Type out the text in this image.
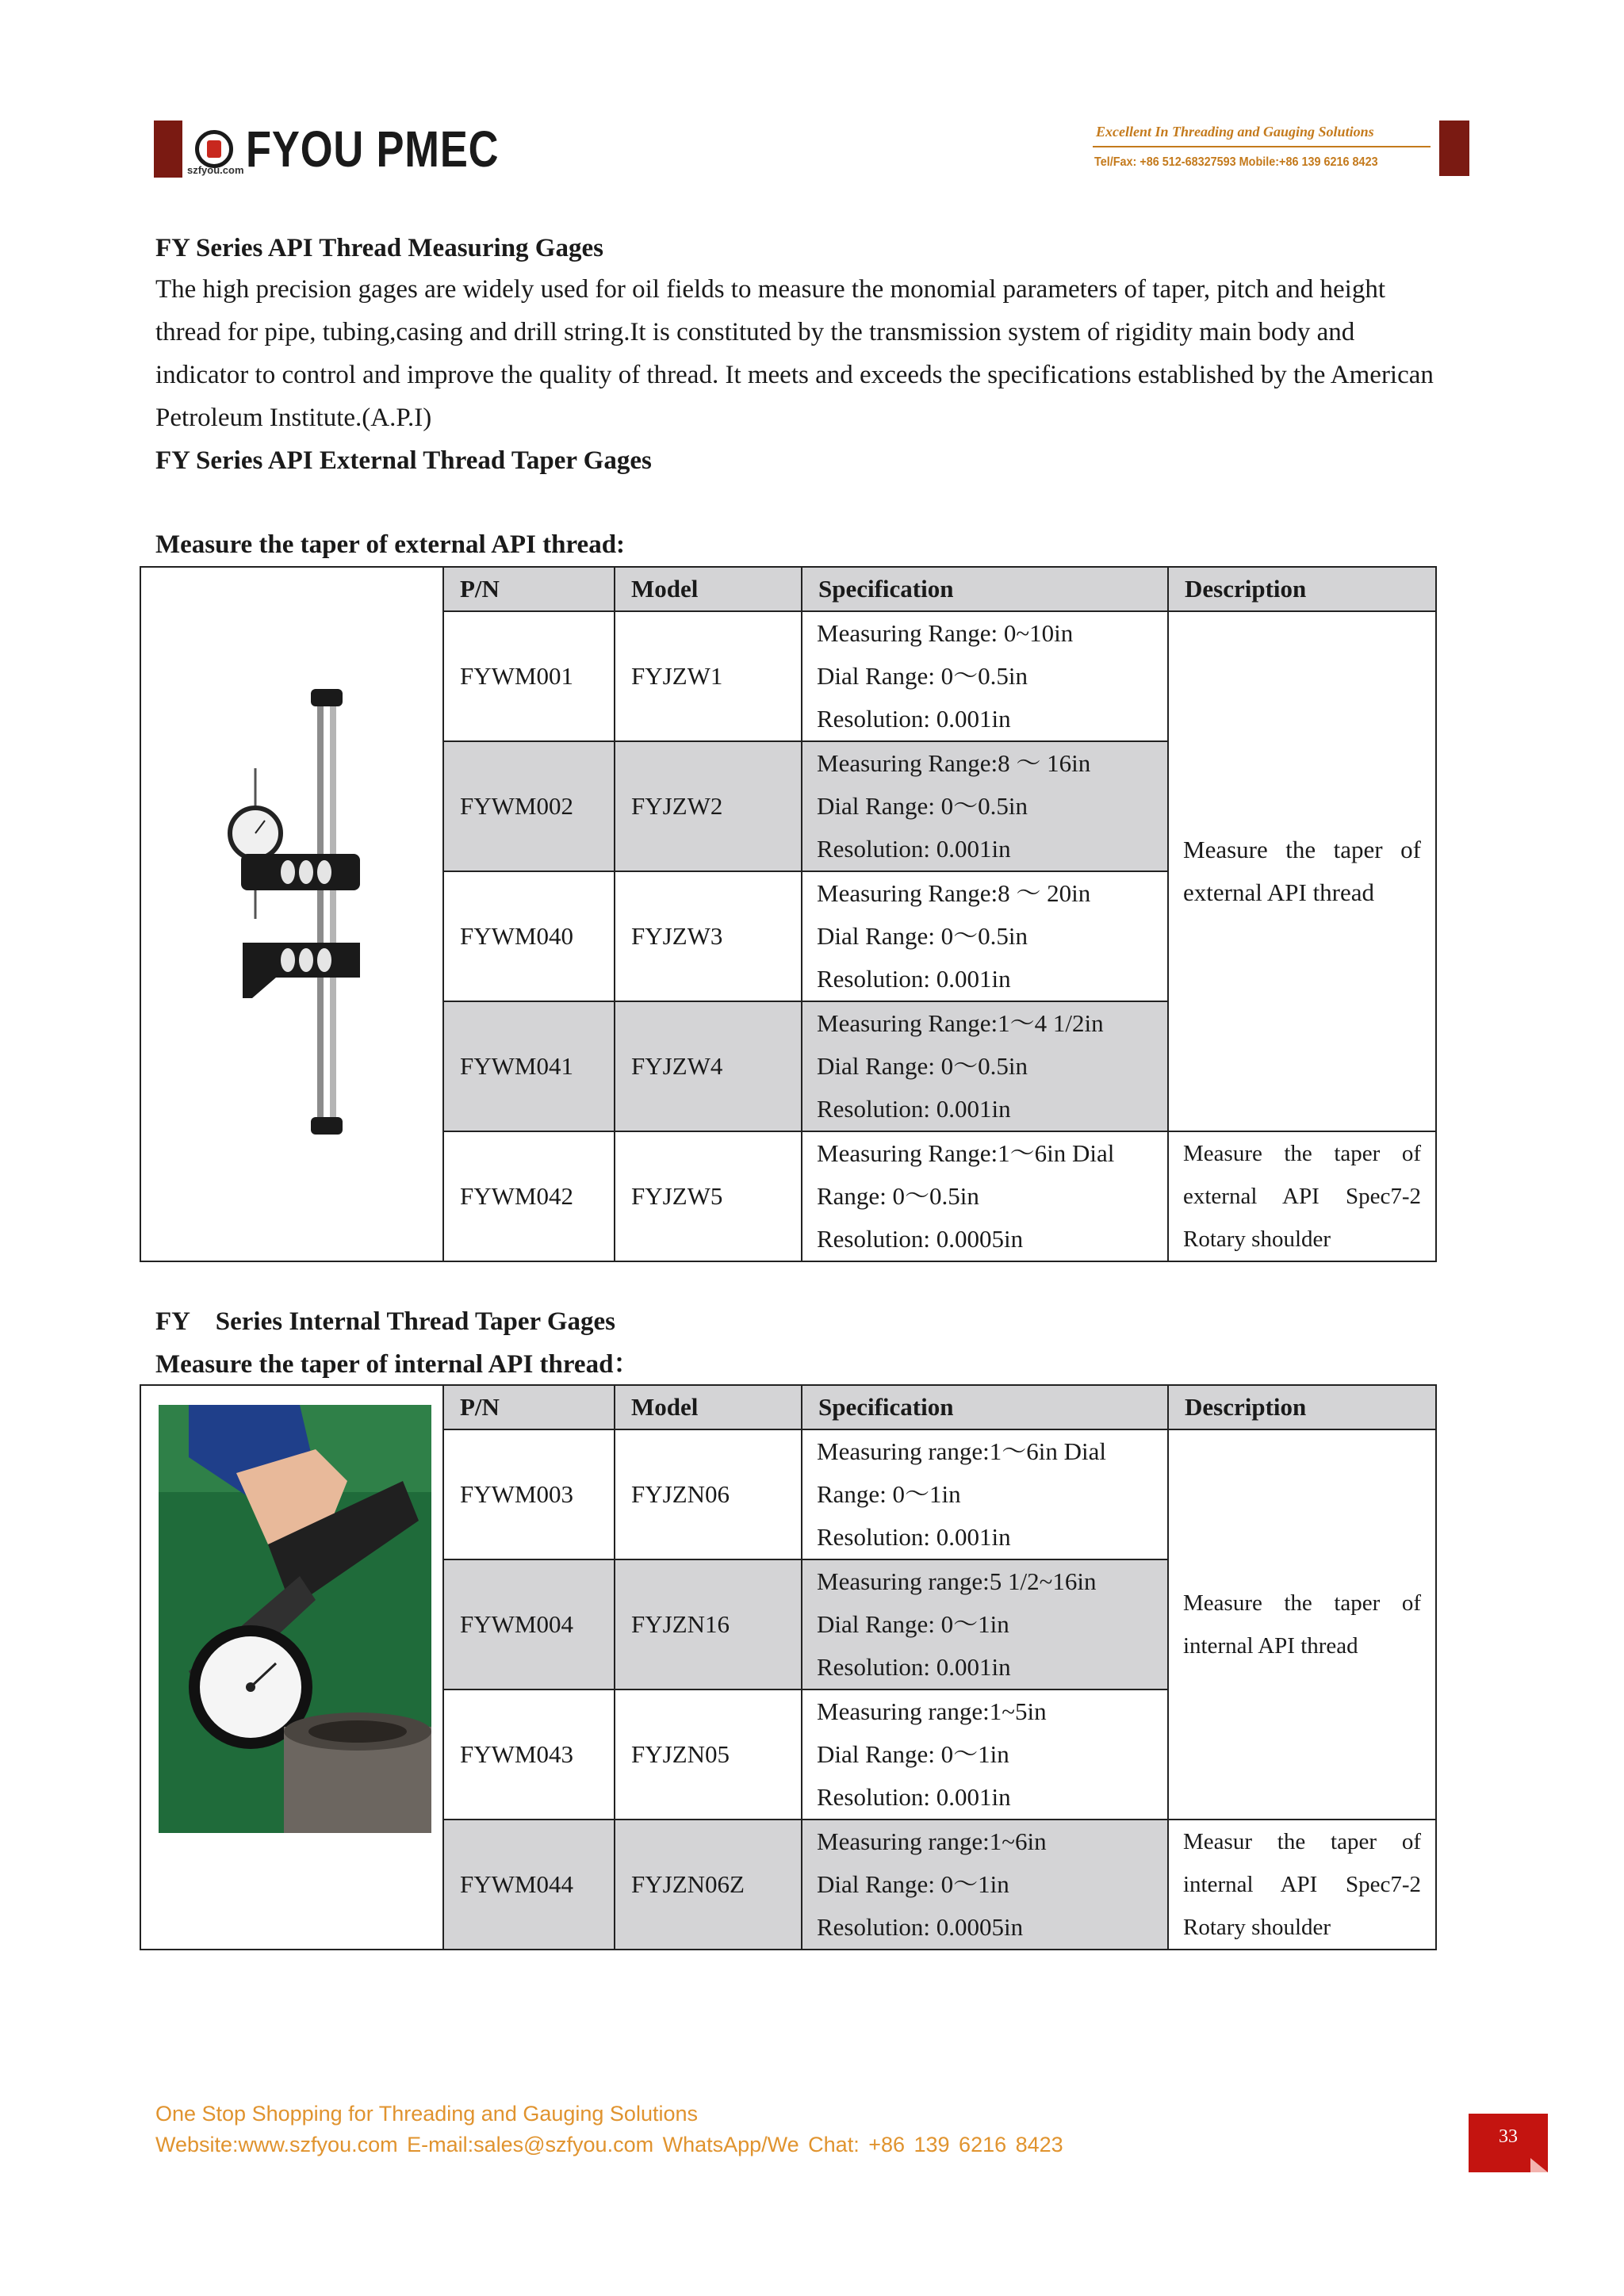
szfyou.com FYOU PMEC	Excellent In Threading and Gauging Solutions
Tel/Fax: +86 512-68327593 Mobile:+86 139 6216 8423
FY Series API Thread Measuring Gages
The high precision gages are widely used for oil fields to measure the monomial parameters of taper, pitch and height thread for pipe, tubing,casing and drill string.It is constituted by the transmission system of rigidity main body and indicator to control and improve the quality of thread. It meets and exceeds the specifications established by the American Petroleum Institute.(A.P.I)
FY Series API External Thread Taper Gages
Measure the taper of external API thread:
	P/N	Model	Specification	Description
	FYWM001	FYJZW1	Measuring Range: 0~10in
Dial Range: 0～0.5in
Resolution: 0.001in	Measure the taper of external API thread

	FYWM002	FYJZW2	Measuring Range:8 ～ 16in
Dial Range: 0～0.5in
Resolution: 0.001in	

	FYWM040	FYJZW3	Measuring Range:8 ～ 20in
Dial Range: 0～0.5in
Resolution: 0.001in	

	FYWM041	FYJZW4	Measuring Range:1～4 1/2in
Dial Range: 0～0.5in
Resolution: 0.001in	

	FYWM042	FYJZW5	Measuring Range:1～6in Dial
Range: 0～0.5in
Resolution: 0.0005in	Measure the taper of external API Spec7-2 Rotary shoulder
FY    Series Internal Thread Taper Gages
Measure the taper of internal API thread：
	P/N	Model	Specification	Description
	FYWM003	FYJZN06	Measuring range:1～6in Dial
Range: 0～1in
Resolution: 0.001in	Measure the taper of internal API thread

	FYWM004	FYJZN16	Measuring range:5 1/2~16in
Dial Range: 0～1in
Resolution: 0.001in	

	FYWM043	FYJZN05	Measuring range:1~5in
Dial Range: 0～1in
Resolution: 0.001in	

	FYWM044	FYJZN06Z	Measuring range:1~6in
Dial Range: 0～1in
Resolution: 0.0005in	Measur the taper of internal API Spec7-2 Rotary shoulder
One Stop Shopping for Threading and Gauging Solutions
Website:www.szfyou.com E-mail:sales@szfyou.com WhatsApp/We Chat: +86 139 6216 8423	33
